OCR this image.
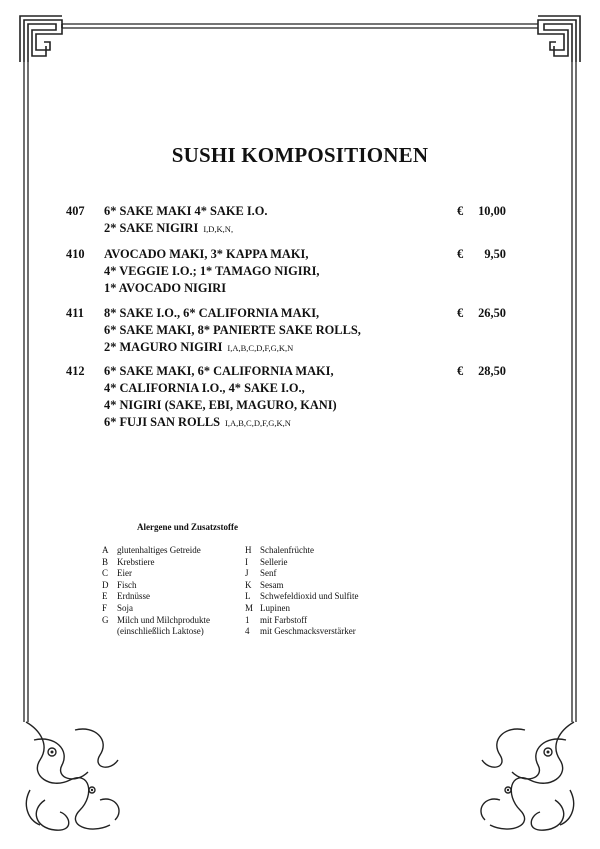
SUSHI KOMPOSITIONEN
407 6* SAKE MAKI 4* SAKE I.O.
2* SAKE NIGIRI I,D,K,N,
€	10,00
410 AVOCADO MAKI, 3* KAPPA MAKI,
4* VEGGIE I.O.; 1* TAMAGO NIGIRI,
1* AVOCADO NIGIRI
€	9,50
411 8* SAKE I.O., 6* CALIFORNIA MAKI,
6* SAKE MAKI, 8* PANIERTE SAKE ROLLS,
2* MAGURO NIGIRI I,A,B,C,D,F,G,K,N
€	26,50
412 6* SAKE MAKI, 6* CALIFORNIA MAKI,
4* CALIFORNIA I.O., 4* SAKE I.O.,
4* NIGIRI (SAKE, EBI, MAGURO, KANI)
6* FUJI SAN ROLLS I,A,B,C,D,F,G,K,N
€	28,50
Alergene und Zusatzstoffe
A glutenhaltiges Getreide
B Krebstiere
C Eier
D Fisch
E Erdnüsse
F Soja
G Milch und Milchprodukte
(einschließlich Laktose)
H Schalenfrüchte
I Sellerie
J Senf
K Sesam
L Schwefeldioxid und Sulfite
M Lupinen
1 mit Farbstoff
4 mit Geschmacksverstärker
